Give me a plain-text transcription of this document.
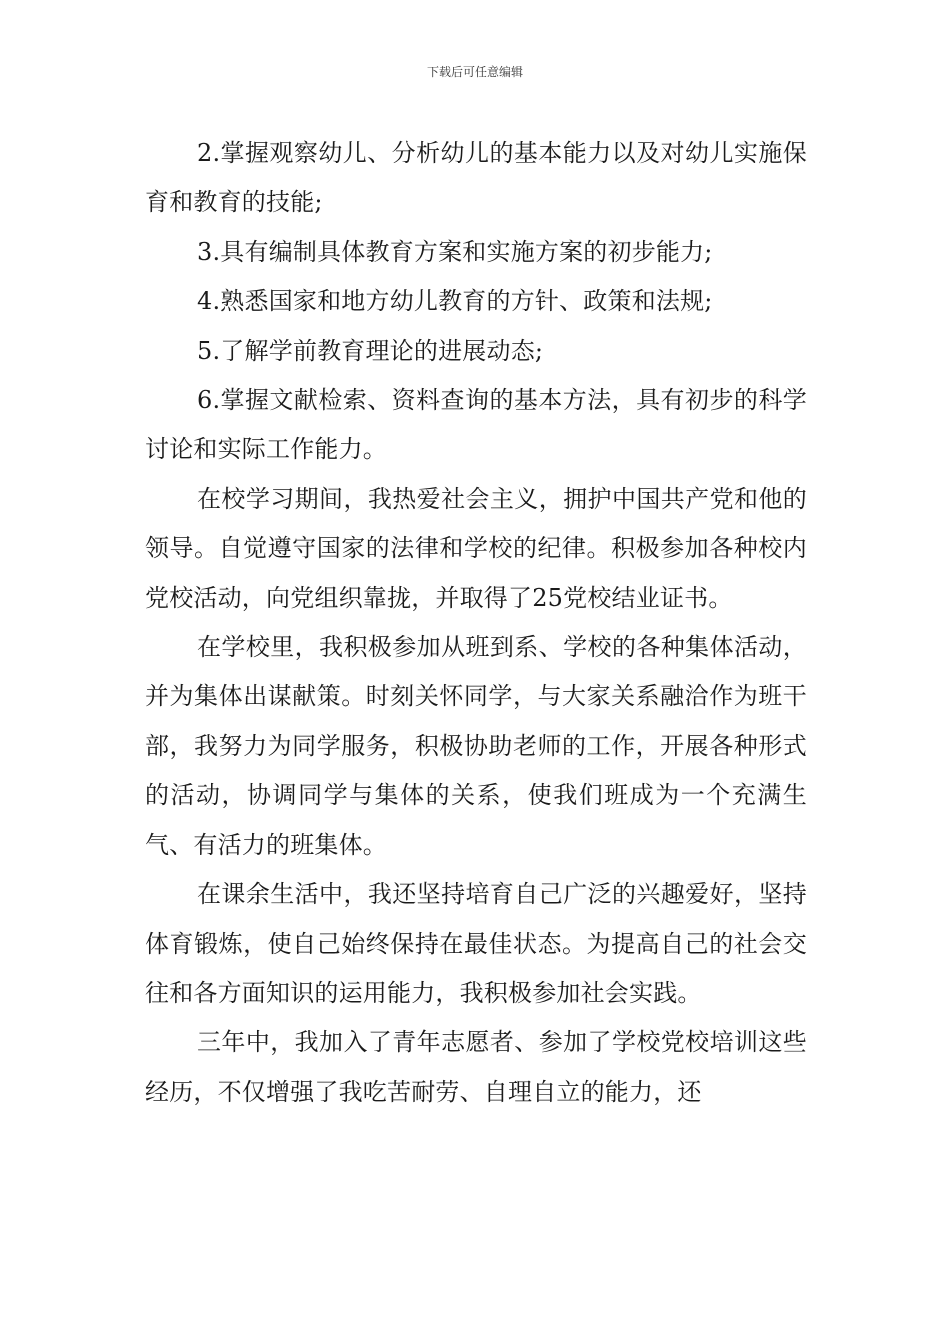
下载后可任意编辑

2.掌握观察幼儿、分析幼儿的基本能力以及对幼儿实施保育和教育的技能;

3.具有编制具体教育方案和实施方案的初步能力;

4.熟悉国家和地方幼儿教育的方针、政策和法规;

5.了解学前教育理论的进展动态;

6.掌握文献检索、资料查询的基本方法，具有初步的科学讨论和实际工作能力。

在校学习期间，我热爱社会主义，拥护中国共产党和他的领导。自觉遵守国家的法律和学校的纪律。积极参加各种校内党校活动，向党组织靠拢，并取得了25党校结业证书。

在学校里，我积极参加从班到系、学校的各种集体活动，并为集体出谋献策。时刻关怀同学，与大家关系融洽作为班干部，我努力为同学服务，积极协助老师的工作，开展各种形式的活动，协调同学与集体的关系，使我们班成为一个充满生气、有活力的班集体。

在课余生活中，我还坚持培育自己广泛的兴趣爱好，坚持体育锻炼，使自己始终保持在最佳状态。为提高自己的社会交往和各方面知识的运用能力，我积极参加社会实践。

三年中，我加入了青年志愿者、参加了学校党校培训这些经历，不仅增强了我吃苦耐劳、自理自立的能力，还
